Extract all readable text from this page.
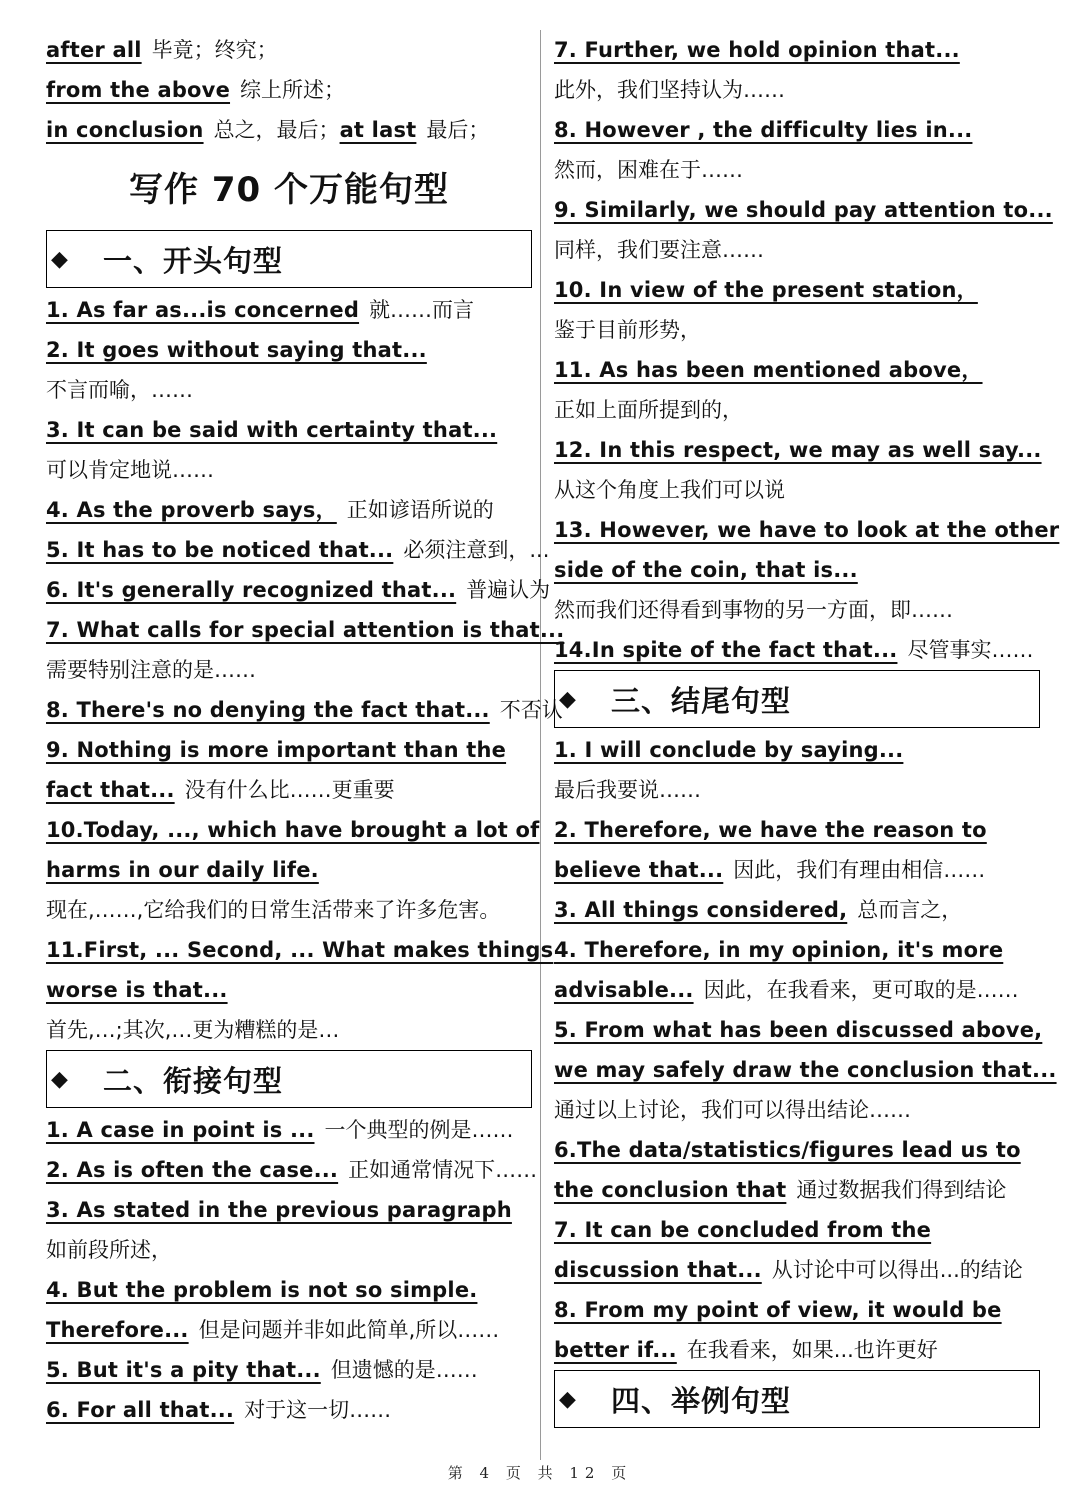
after all 毕竟；终究；
from the above 综上所述；
in conclusion 总之，最后；at last 最后；
写作 70 个万能句型
◆	一、开头句型
1. As far as...is concerned 就……而言
2. It goes without saying that...
不言而喻，……
3. It can be said with certainty that...
可以肯定地说……
4. As the proverb says， 正如谚语所说的
5. It has to be noticed that... 必须注意到，...
6. It's generally recognized that... 普遍认为
7. What calls for special attention is that...
需要特别注意的是……
8. There's no denying the fact that... 不否认
9. Nothing is more important than the
fact that... 没有什么比……更重要
10.Today, ..., which have brought a lot of
harms in our daily life.
现在,……,它给我们的日常生活带来了许多危害。
11.First, ... Second, ... What makes things
worse is that...
首先,…;其次,…更为糟糕的是…
◆	二、衔接句型
1. A case in point is ... 一个典型的例是……
2. As is often the case... 正如通常情况下……
3. As stated in the previous paragraph
如前段所述，
4. But the problem is not so simple.
Therefore... 但是问题并非如此简单,所以……
5. But it's a pity that... 但遗憾的是……
6. For all that... 对于这一切……
7. Further, we hold opinion that...
此外，我们坚持认为……
8. However , the difficulty lies in...
然而，困难在于……
9. Similarly, we should pay attention to...
同样，我们要注意……
10. In view of the present station，
鉴于目前形势，
11. As has been mentioned above，
正如上面所提到的，
12. In this respect, we may as well say...
从这个角度上我们可以说
13. However, we have to look at the other
side of the coin, that is...
然而我们还得看到事物的另一方面，即……
14.In spite of the fact that... 尽管事实……
◆	三、结尾句型
1. I will conclude by saying...
最后我要说……
2. Therefore, we have the reason to
believe that... 因此，我们有理由相信……
3. All things considered, 总而言之，
4. Therefore, in my opinion, it's more
advisable... 因此，在我看来，更可取的是……
5. From what has been discussed above,
we may safely draw the conclusion that...
通过以上讨论，我们可以得出结论……
6.The data/statistics/figures lead us to
the conclusion that 通过数据我们得到结论
7. It can be concluded from the
discussion that... 从讨论中可以得出...的结论
8. From my point of view, it would be
better if... 在我看来，如果...也许更好
◆	四、举例句型
第 4 页 共 12 页
